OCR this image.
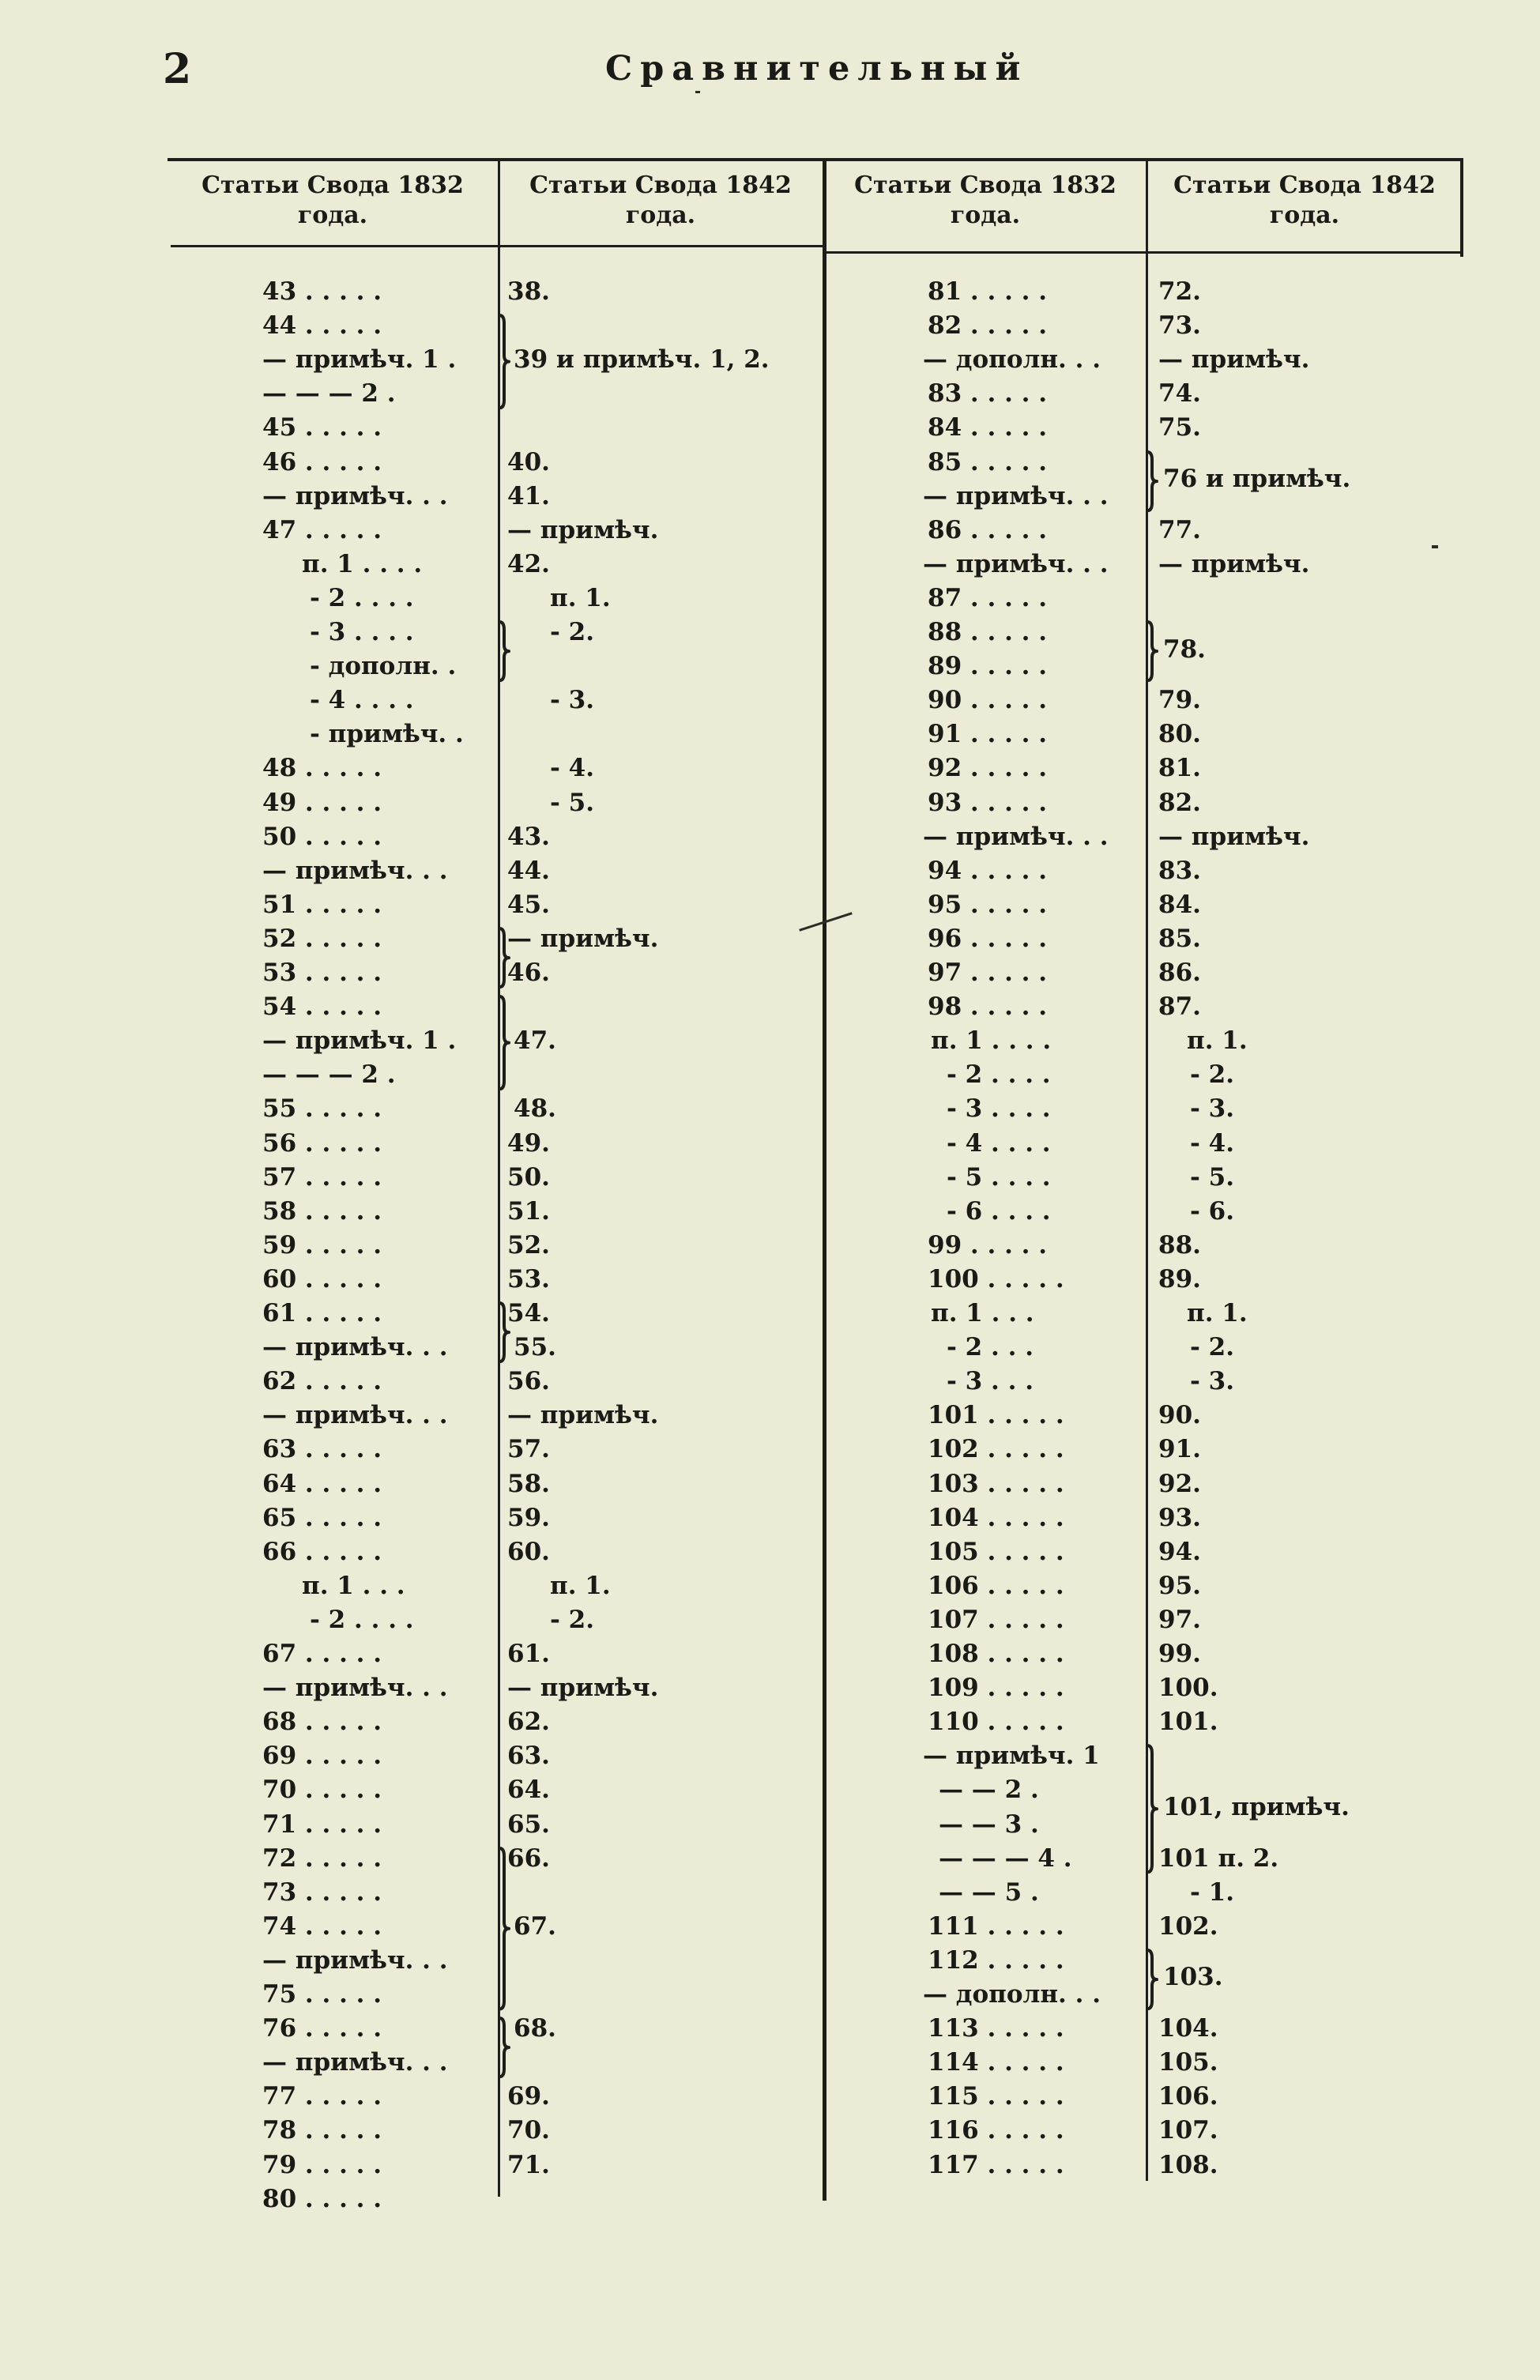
2	Сравнительный
Статьи Свода 1832 года.
Статьи Свода 1842 года.
Статьи Свода 1832 года.
Статьи Свода 1842 года.
43 . . . . .
44 . . . . .
— примѣч. 1 .
— — — 2 .
45 . . . . .
46 . . . . .
— примѣч. . .
47 . . . . .
п. 1 . . . .
- 2 . . . .
- 3 . . . .
- дополн. .
- 4 . . . .
- примѣч. .
48 . . . . .
49 . . . . .
50 . . . . .
— примѣч. . .
51 . . . . .
52 . . . . .
53 . . . . .
54 . . . . .
— примѣч. 1 .
— — — 2 .
55 . . . . .
56 . . . . .
57 . . . . .
58 . . . . .
59 . . . . .
60 . . . . .
61 . . . . .
— примѣч. . .
62 . . . . .
— примѣч. . .
63 . . . . .
64 . . . . .
65 . . . . .
66 . . . . .
п. 1 . . .
- 2 . . . .
67 . . . . .
— примѣч. . .
68 . . . . .
69 . . . . .
70 . . . . .
71 . . . . .
72 . . . . .
73 . . . . .
74 . . . . .
— примѣч. . .
75 . . . . .
76 . . . . .
— примѣч. . .
77 . . . . .
78 . . . . .
79 . . . . .
80 . . . . .
38.
39 и примѣч. 1, 2.
40.
41.
— примѣч.
42.
п. 1.
- 2.
- 3.
- 4.
- 5.
43.
44.
45.
— примѣч.
46.
47.
48.
49.
50.
51.
52.
53.
54.
55.
56.
— примѣч.
57.
58.
59.
60.
п. 1.
- 2.
61.
— примѣч.
62.
63.
64.
65.
66.
67.
68.
69.
70.
71.
81 . . . . .
82 . . . . .
— дополн. . .
83 . . . . .
84 . . . . .
85 . . . . .
— примѣч. . .
86 . . . . .
— примѣч. . .
87 . . . . .
88 . . . . .
89 . . . . .
90 . . . . .
91 . . . . .
92 . . . . .
93 . . . . .
— примѣч. . .
94 . . . . .
95 . . . . .
96 . . . . .
97 . . . . .
98 . . . . .
п. 1 . . . .
- 2 . . . .
- 3 . . . .
- 4 . . . .
- 5 . . . .
- 6 . . . .
99 . . . . .
100 . . . . .
п. 1 . . .
- 2 . . .
- 3 . . .
101 . . . . .
102 . . . . .
103 . . . . .
104 . . . . .
105 . . . . .
106 . . . . .
107 . . . . .
108 . . . . .
109 . . . . .
110 . . . . .
— примѣч. 1
— — 2 .
— — 3 .
— — — 4 .
— — 5 .
111 . . . . .
112 . . . . .
— дополн. . .
113 . . . . .
114 . . . . .
115 . . . . .
116 . . . . .
117 . . . . .
72.
73.
— примѣч.
74.
75.
76 и примѣч.
77.
— примѣч.
78.
79.
80.
81.
82.
— примѣч.
83.
84.
85.
86.
87.
п. 1.
- 2.
- 3.
- 4.
- 5.
- 6.
88.
89.
п. 1.
- 2.
- 3.
90.
91.
92.
93.
94.
95.
97.
99.
100.
101.
101, примѣч.
101 п. 2.
- 1.
102.
103.
104.
105.
106.
107.
108.
